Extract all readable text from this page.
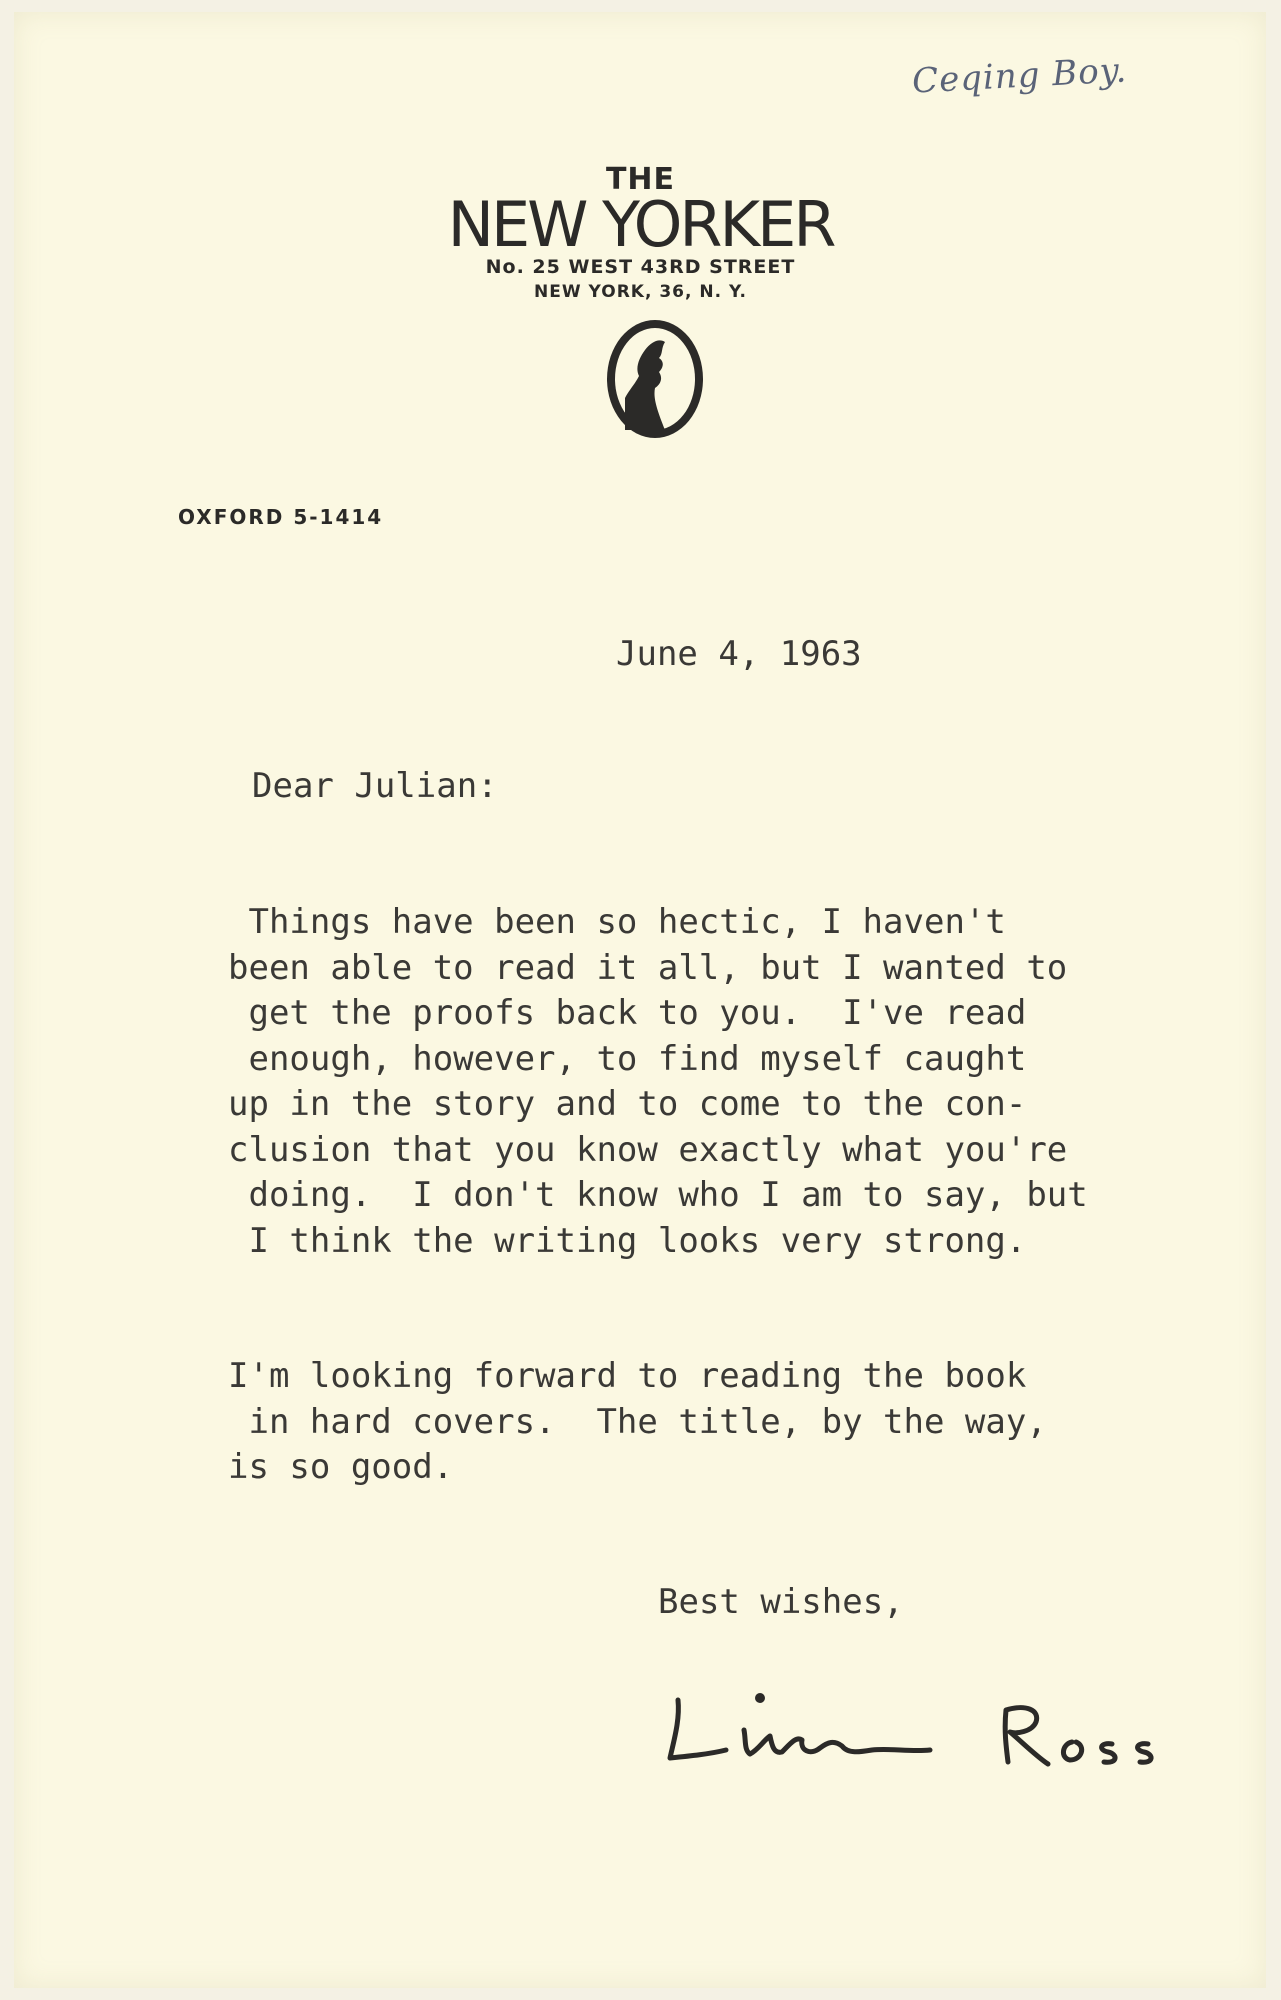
Ceqing Boy.
THE
NEW YORKER
No. 25 WEST 43RD STREET
NEW YORK, 36, N. Y.
OXFORD 5-1414
June 4, 1963
Dear Julian:
Things have been so hectic, I haven't
been able to read it all, but I wanted to
get the proofs back to you.  I've read
enough, however, to find myself caught
up in the story and to come to the con-
clusion that you know exactly what you're
doing.  I don't know who I am to say, but
I think the writing looks very strong.
I'm looking forward to reading the book
in hard covers.  The title, by the way,
is so good.
Best wishes,
